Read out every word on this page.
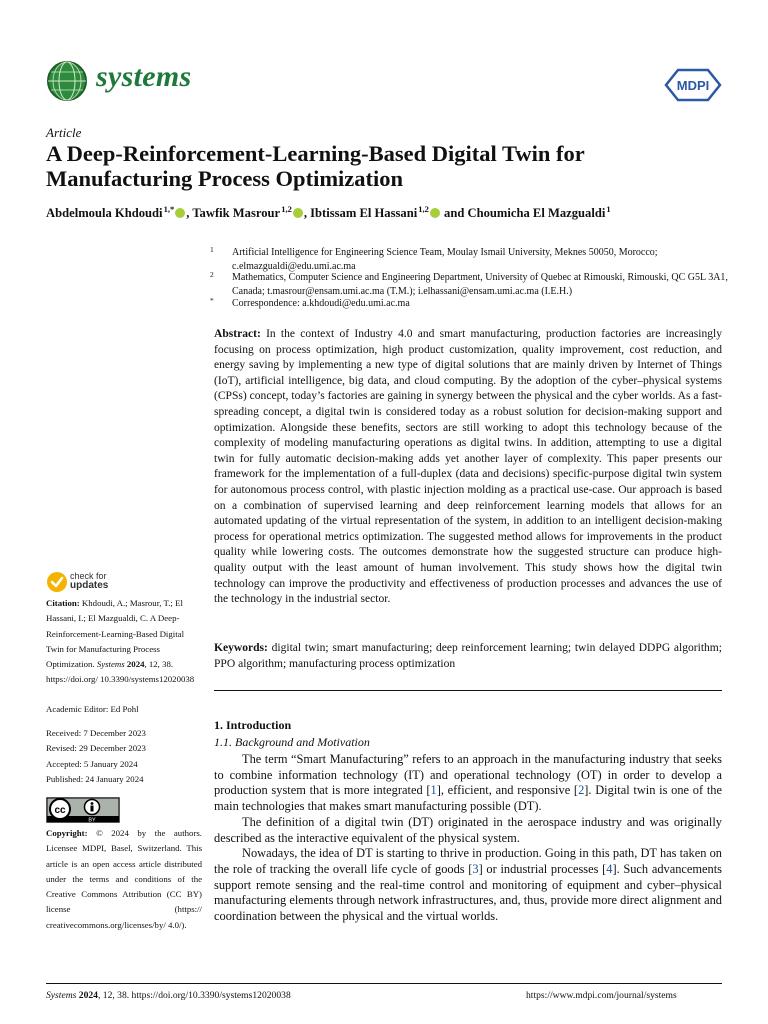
systems	MDPI
Article
A Deep-Reinforcement-Learning-Based Digital Twin for Manufacturing Process Optimization
Abdelmoula Khdoudi $^{1,*}$ , Tawfik Masrour $^{1,2}$ , Ibtissam El Hassani $^{1,2}$ and Choumicha El Mazgualdi $^1$
1 Artificial Intelligence for Engineering Science Team, Moulay Ismail University, Meknes 50050, Morocco; c.elmazgualdi@edu.umi.ac.ma
2 Mathematics, Computer Science and Engineering Department, University of Quebec at Rimouski, Rimouski, QC G5L 3A1, Canada; t.masrour@ensam.umi.ac.ma (T.M.); i.elhassani@ensam.umi.ac.ma (I.E.H.)
* Correspondence: a.khdoudi@edu.umi.ac.ma
Abstract: In the context of Industry 4.0 and smart manufacturing, production factories are increasingly focusing on process optimization, high product customization, quality improvement, cost reduction, and energy saving by implementing a new type of digital solutions that are mainly driven by Internet of Things (IoT), artificial intelligence, big data, and cloud computing. By the adoption of the cyber–physical systems (CPSs) concept, today’s factories are gaining in synergy between the physical and the cyber worlds. As a fast-spreading concept, a digital twin is considered today as a robust solution for decision-making support and optimization. Alongside these benefits, sectors are still working to adopt this technology because of the complexity of modeling manufacturing operations as digital twins. In addition, attempting to use a digital twin for fully automatic decision-making adds yet another layer of complexity. This paper presents our framework for the implementation of a full-duplex (data and decisions) specific-purpose digital twin system for autonomous process control, with plastic injection molding as a practical use-case. Our approach is based on a combination of supervised learning and deep reinforcement learning models that allows for an automated updating of the virtual representation of the system, in addition to an intelligent decision-making process for operational metrics optimization. The suggested method allows for improvements in the product quality while lowering costs. The outcomes demonstrate how the suggested structure can produce high-quality output with the least amount of human involvement. This study shows how the digital twin technology can improve the productivity and effectiveness of production processes and advances the use of the technology in the industrial sector.
Keywords: digital twin; smart manufacturing; deep reinforcement learning; twin delayed DDPG algorithm; PPO algorithm; manufacturing process optimization
check for
updates
Citation: Khdoudi, A.; Masrour, T.; El Hassani, I.; El Mazgualdi, C. A Deep-Reinforcement-Learning-Based Digital Twin for Manufacturing Process Optimization. Systems 2024, 12, 38. https://doi.org/ 10.3390/systems12020038
Academic Editor: Ed Pohl
Received: 7 December 2023
Revised: 29 December 2023
Accepted: 5 January 2024
Published: 24 January 2024
cc
BY
Copyright: © 2024 by the authors. Licensee MDPI, Basel, Switzerland. This article is an open access article distributed under the terms and conditions of the Creative Commons Attribution (CC BY) license (https:// creativecommons.org/licenses/by/ 4.0/).
1. Introduction
1.1. Background and Motivation

The term “Smart Manufacturing” refers to an approach in the manufacturing industry that seeks to combine information technology (IT) and operational technology (OT) in order to develop a production system that is more integrated [1], efficient, and responsive [2]. Digital twin is one of the main technologies that makes smart manufacturing possible (DT).

The definition of a digital twin (DT) originated in the aerospace industry and was originally described as the interactive equivalent of the physical system.

Nowadays, the idea of DT is starting to thrive in production. Going in this path, DT has taken on the role of tracking the overall life cycle of goods [3] or industrial processes [4]. Such advancements support remote sensing and the real-time control and monitoring of equipment and cyber–physical manufacturing elements through network infrastructures, and, thus, provide more direct alignment and coordination between the physical and the virtual worlds.

Systems 2024, 12, 38. https://doi.org/10.3390/systems12020038	https://www.mdpi.com/journal/systems
